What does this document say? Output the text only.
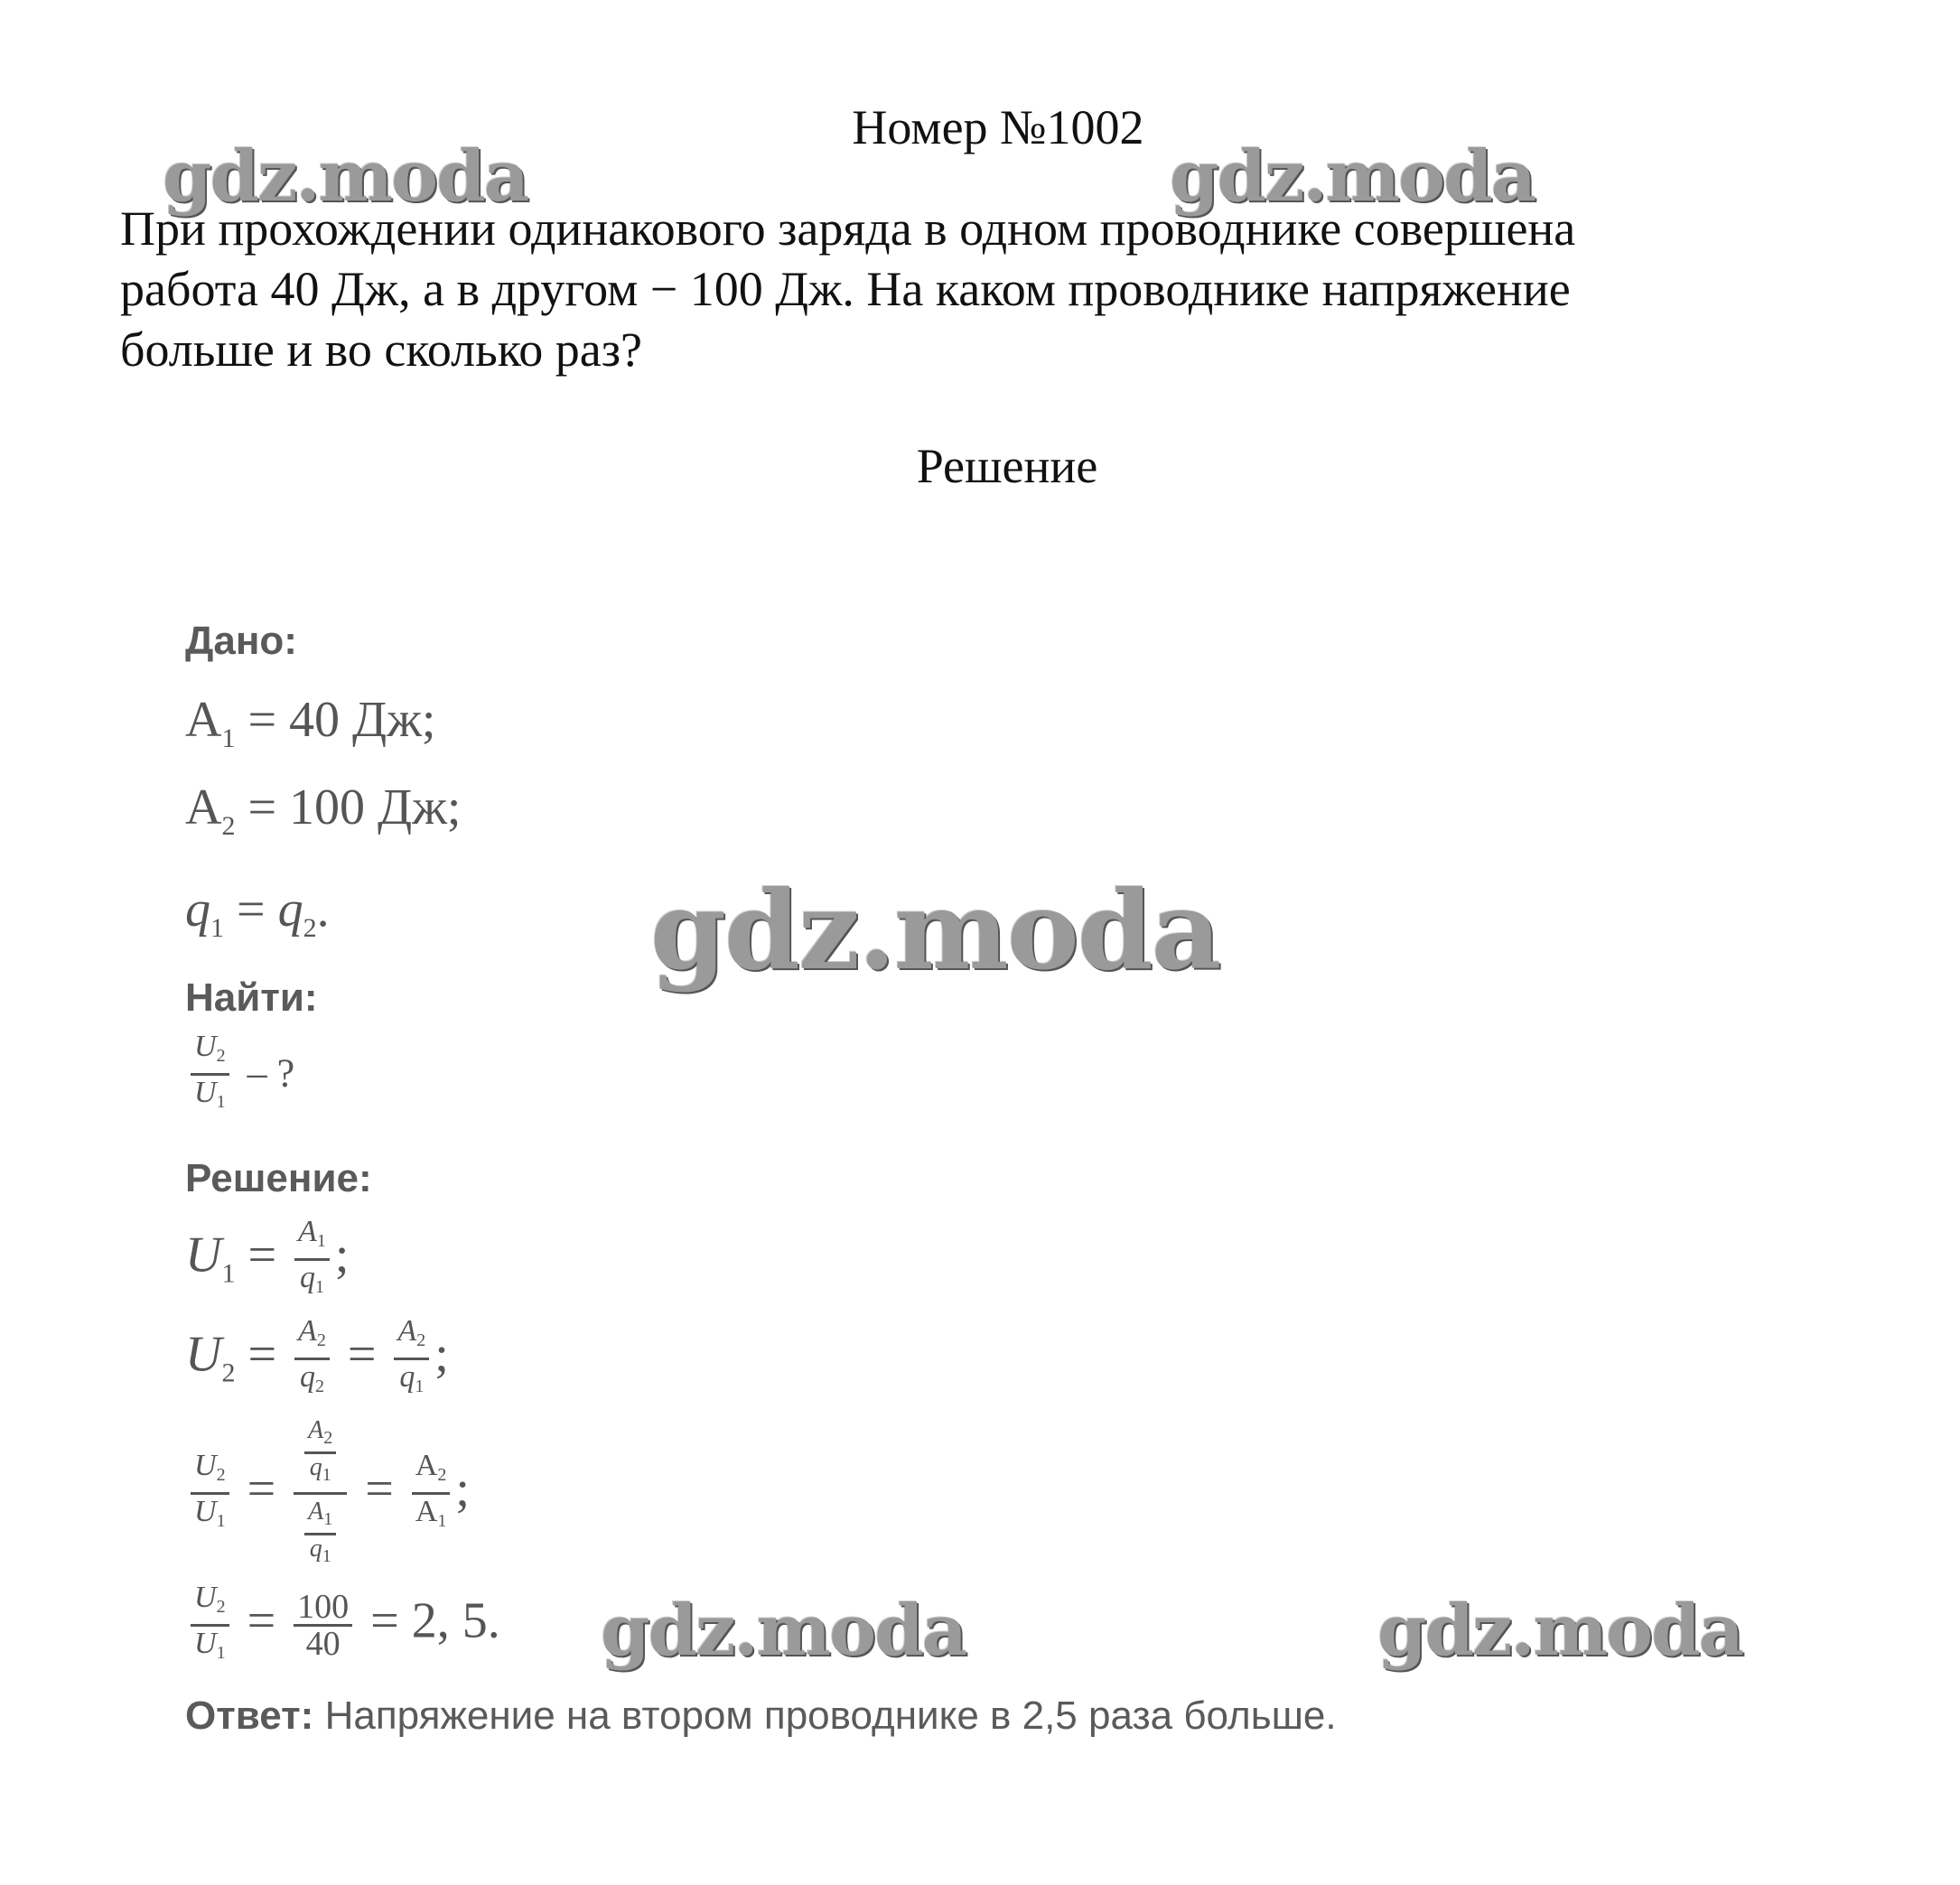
Номер №1002
При прохождении одинакового заряда в одном проводнике совершена
работа 40 Дж, а в другом − 100 Дж. На каком проводнике напряжение
больше и во сколько раз?
Решение
Дано:
$A_1 = 40$ Дж;
$A_2 = 100$ Дж;
$q_1 = q_2$.
Найти:
$\frac{U_2}{U_1}$ – ?
Решение:
$U_1 = \frac{A_1}{q_1}$ ;
$U_2 = \frac{A_2}{q_2} = \frac{A_2}{q_1}$ ;
$\frac{U_2}{U_1} = \frac{\frac{A_2}{q_1}}{\frac{A_1}{q_1}} = \frac{A_2}{A_1}$ ;
$\frac{U_2}{U_1} = \frac{100}{40} = 2$, 5.
Ответ: Напряжение на втором проводнике в 2,5 раза больше.
gdz.moda	gdz.moda
gdz.moda
gdz.moda	gdz.moda
